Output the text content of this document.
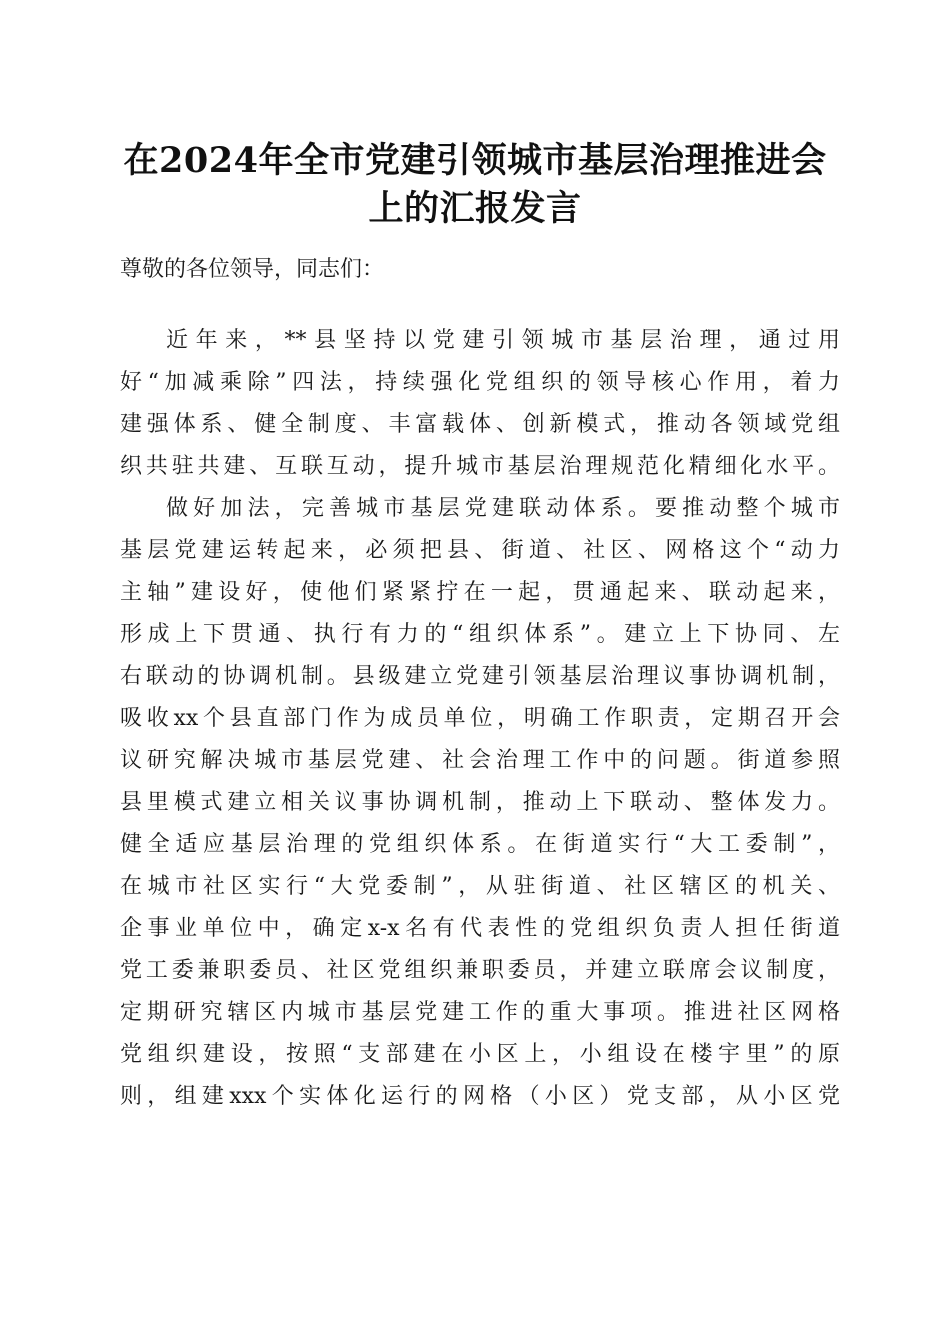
在2024年全市党建引领城市基层治理推进会
上的汇报发言
尊敬的各位领导，同志们：
近年来，**县坚持以党建引领城市基层治理，通过用
好“加减乘除”四法，持续强化党组织的领导核心作用，着力
建强体系、健全制度、丰富载体、创新模式，推动各领域党组
织共驻共建、互联互动，提升城市基层治理规范化精细化水平。
做好加法，完善城市基层党建联动体系。要推动整个城市
基层党建运转起来，必须把县、街道、社区、网格这个“动力
主轴”建设好，使他们紧紧拧在一起，贯通起来、联动起来，
形成上下贯通、执行有力的“组织体系”。建立上下协同、左
右联动的协调机制。县级建立党建引领基层治理议事协调机制，
吸收xx个县直部门作为成员单位，明确工作职责，定期召开会
议研究解决城市基层党建、社会治理工作中的问题。街道参照
县里模式建立相关议事协调机制，推动上下联动、整体发力。
健全适应基层治理的党组织体系。在街道实行“大工委制”，
在城市社区实行“大党委制”，从驻街道、社区辖区的机关、
企事业单位中，确定x-x名有代表性的党组织负责人担任街道
党工委兼职委员、社区党组织兼职委员，并建立联席会议制度，
定期研究辖区内城市基层党建工作的重大事项。推进社区网格
党组织建设，按照“支部建在小区上，小组设在楼宇里”的原
则，组建xxx个实体化运行的网格（小区）党支部，从小区党
